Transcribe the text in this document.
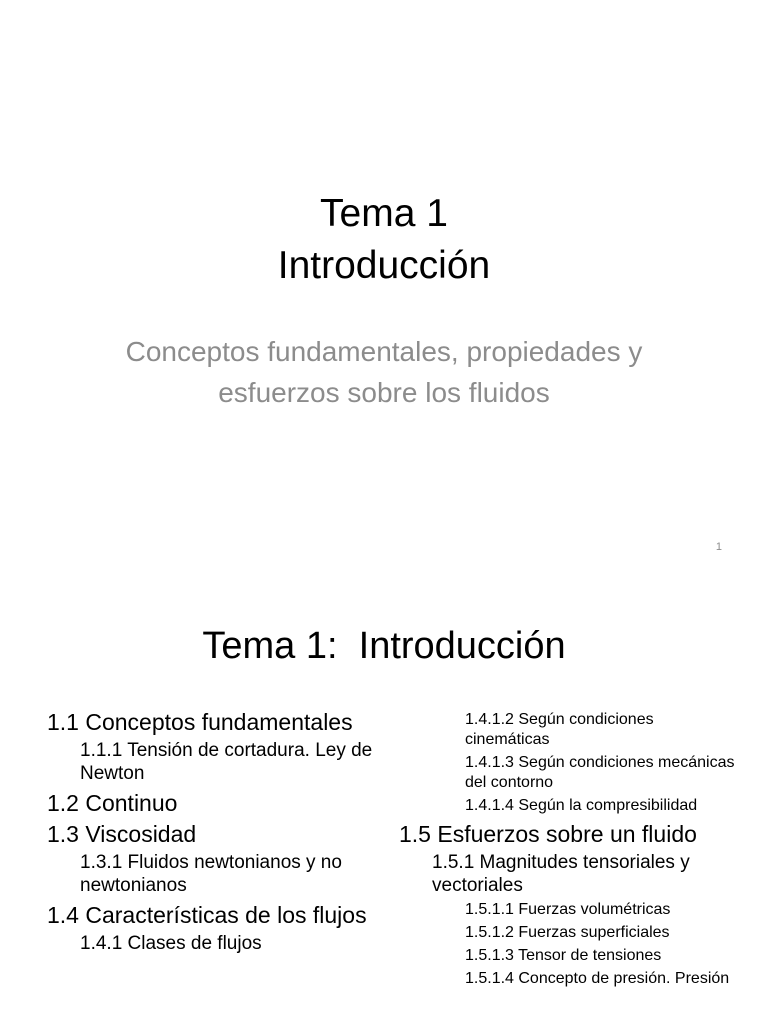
Tema 1
Introducción
Conceptos fundamentales, propiedades y esfuerzos sobre los fluidos
1
Tema 1:  Introducción
1.1 Conceptos fundamentales
1.1.1 Tensión de cortadura. Ley de Newton
1.2 Continuo
1.3 Viscosidad
1.3.1 Fluidos newtonianos y no newtonianos
1.4 Características de los flujos
1.4.1 Clases de flujos
1.4.1.2 Según condiciones cinemáticas
1.4.1.3 Según condiciones mecánicas del contorno
1.4.1.4 Según la compresibilidad
1.5 Esfuerzos sobre un fluido
1.5.1 Magnitudes tensoriales y vectoriales
1.5.1.1 Fuerzas volumétricas
1.5.1.2 Fuerzas superficiales
1.5.1.3 Tensor de tensiones
1.5.1.4 Concepto de presión. Presión
